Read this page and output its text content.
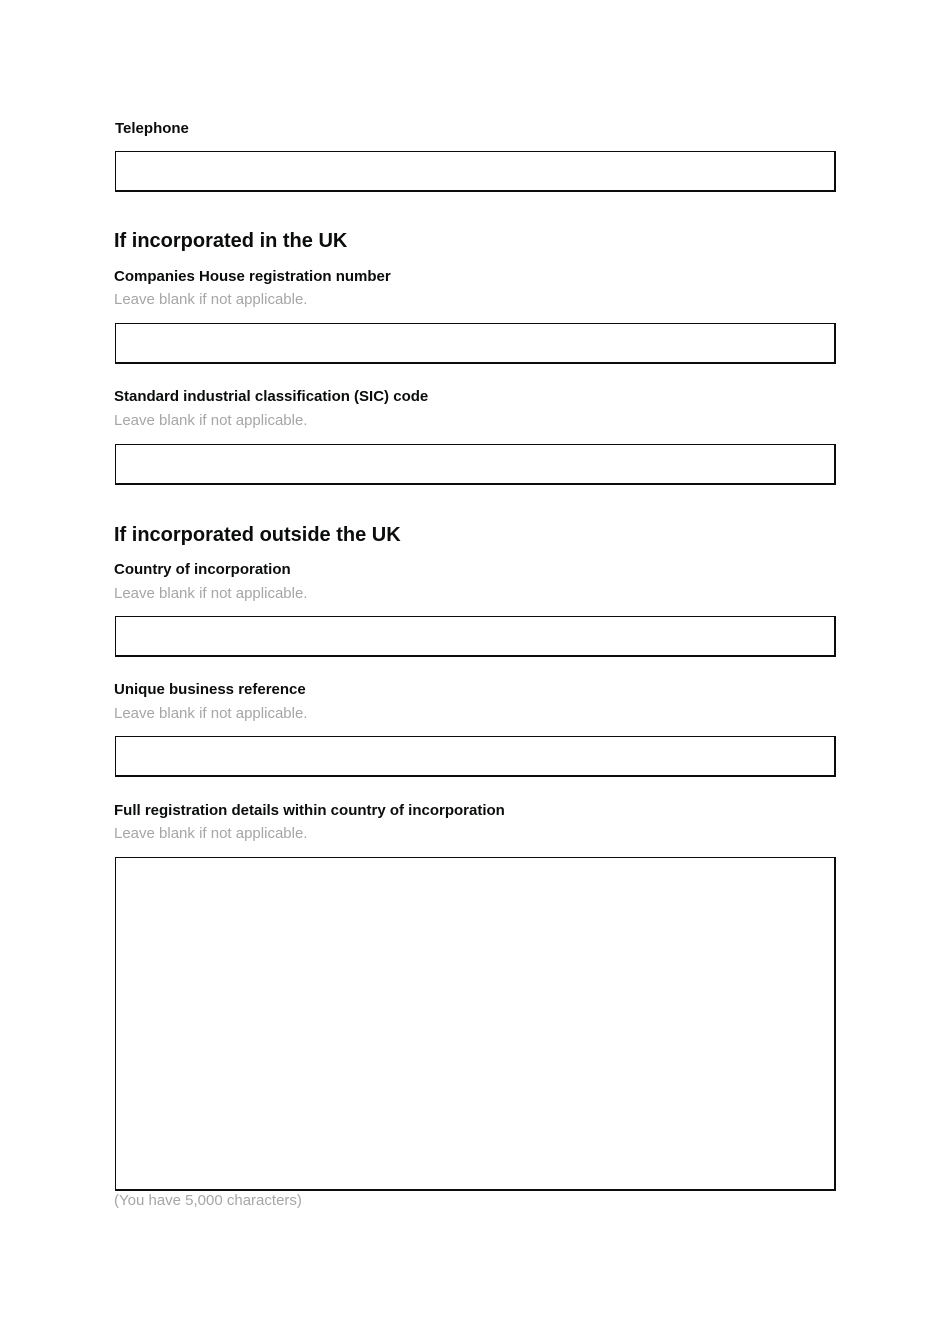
Telephone
If incorporated in the UK
Companies House registration number
Leave blank if not applicable.
Standard industrial classification (SIC) code
Leave blank if not applicable.
If incorporated outside the UK
Country of incorporation
Leave blank if not applicable.
Unique business reference
Leave blank if not applicable.
Full registration details within country of incorporation
Leave blank if not applicable.
(You have 5,000 characters)
